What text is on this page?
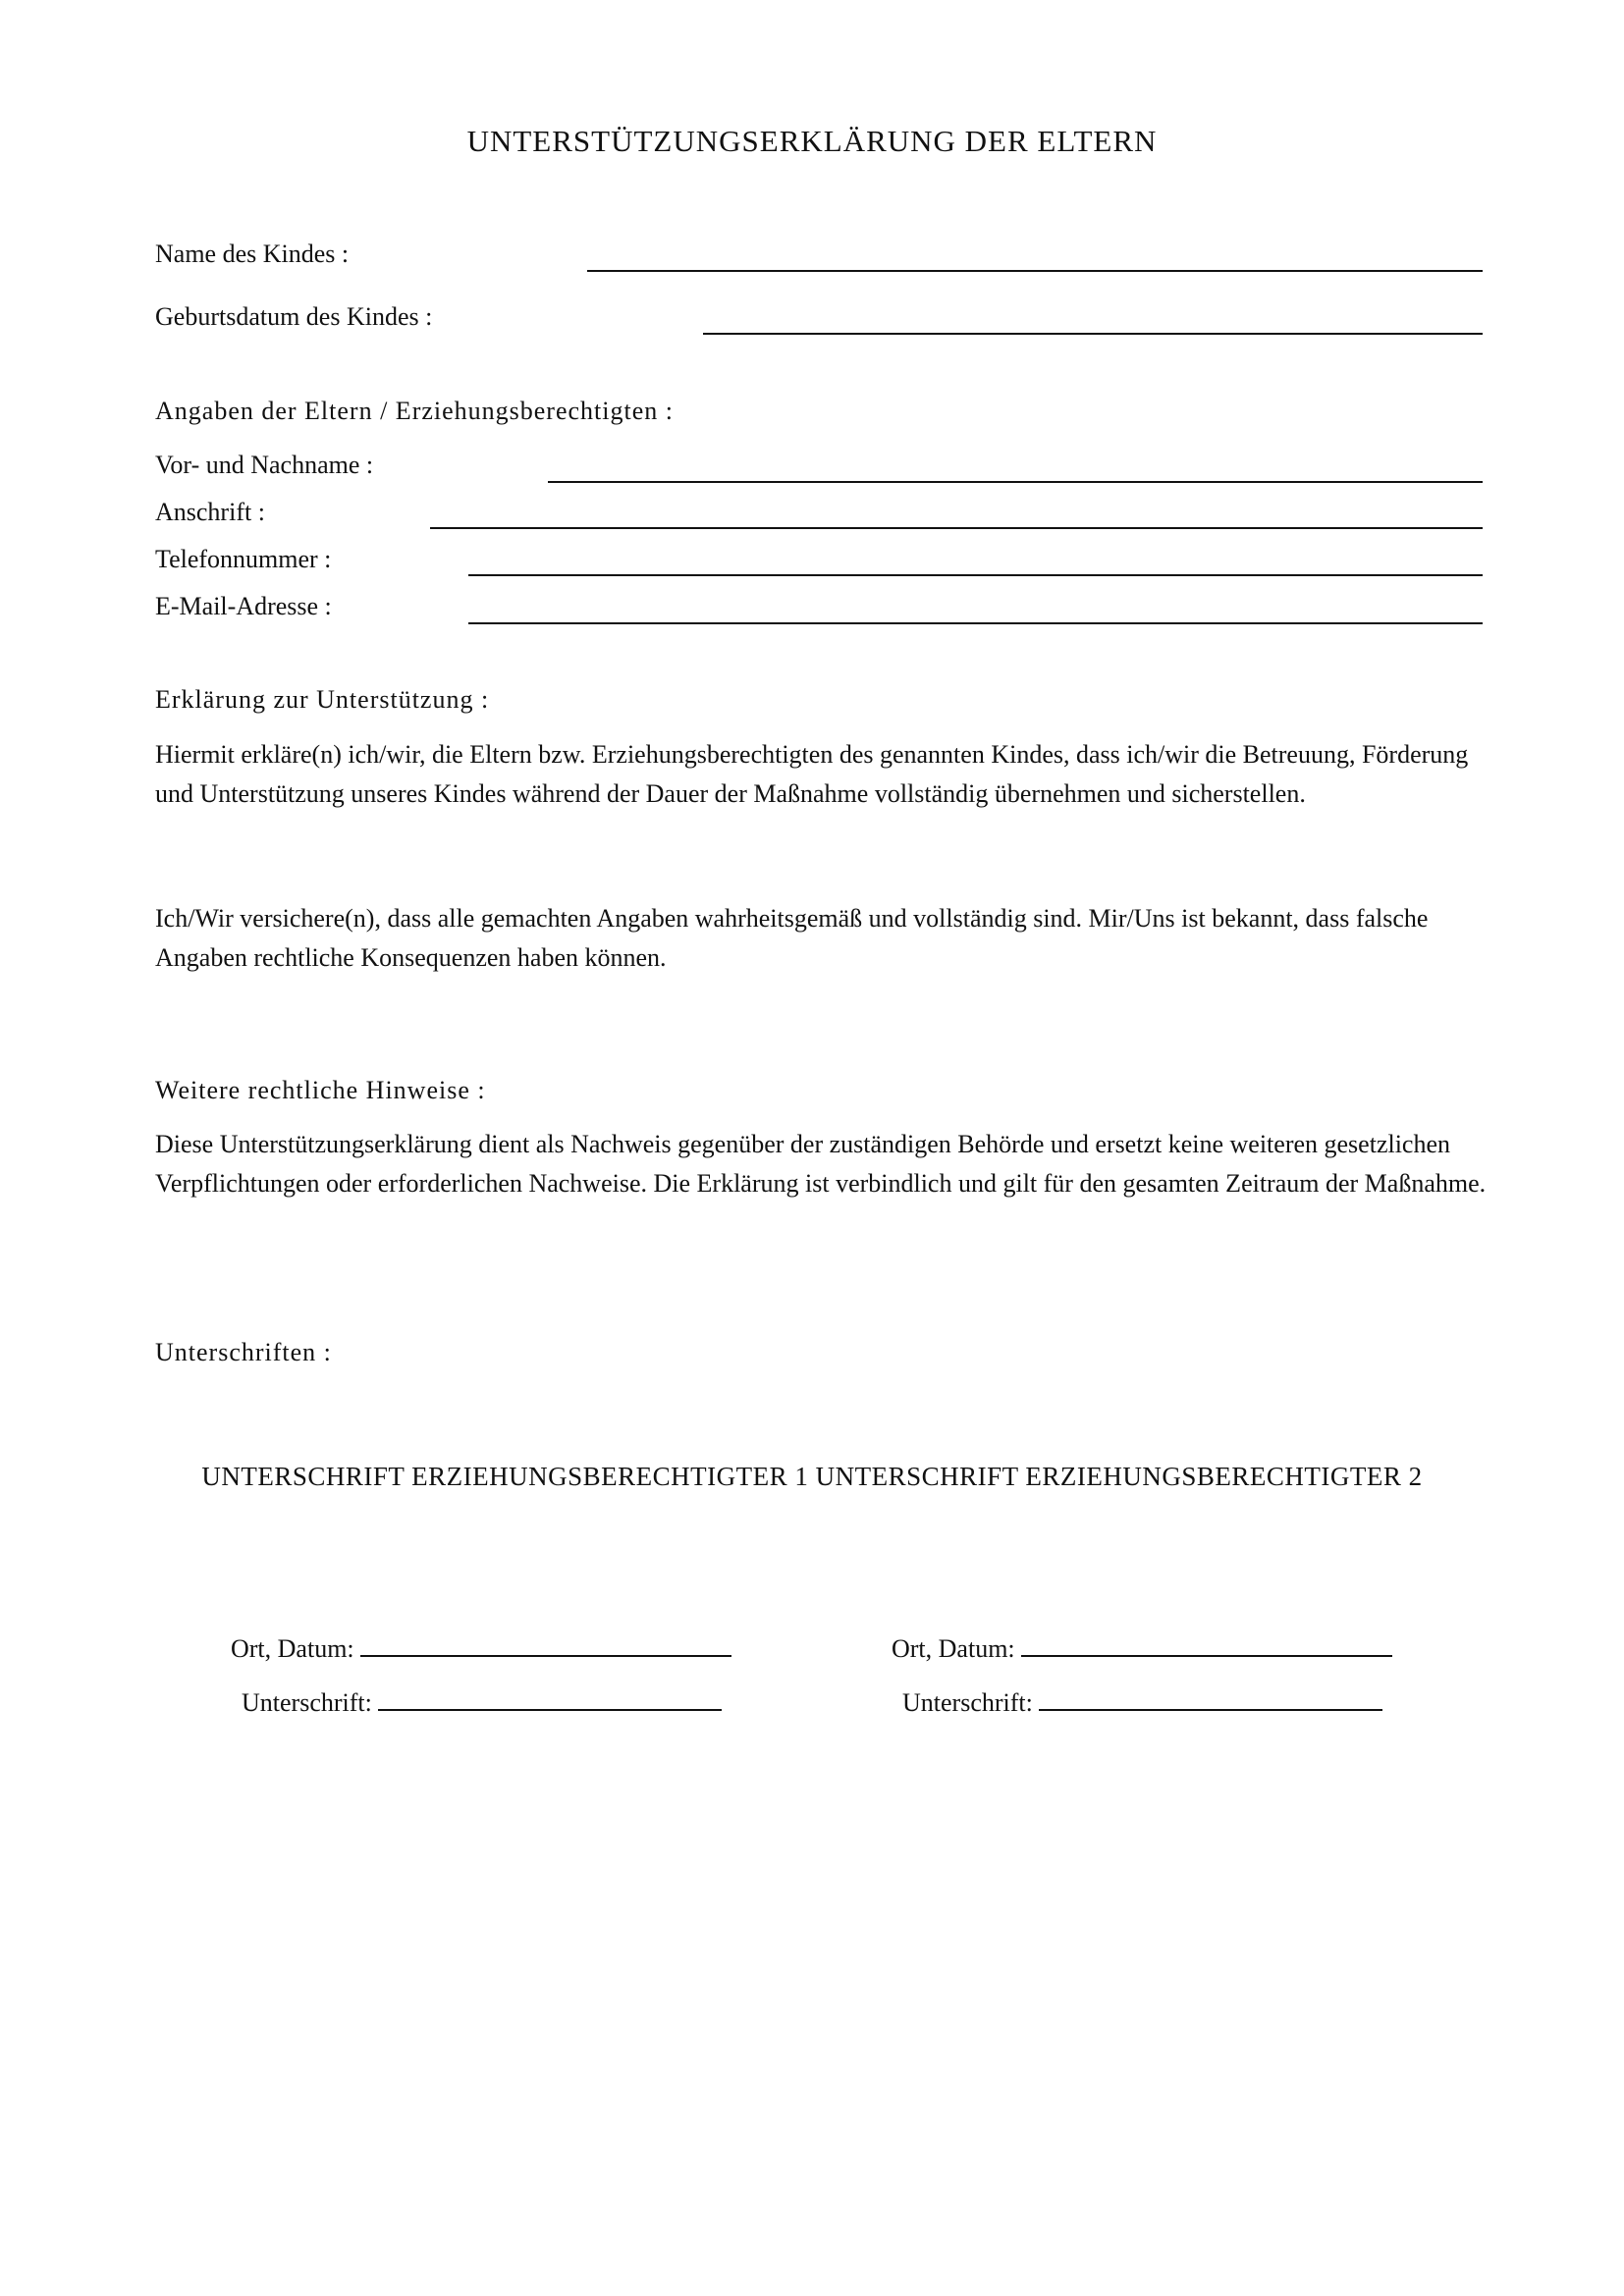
UNTERSTÜTZUNGSERKLÄRUNG DER ELTERN
Name des Kindes :
Geburtsdatum des Kindes :
Angaben der Eltern / Erziehungsberechtigten :
Vor- und Nachname :
Anschrift :
Telefonnummer :
E-Mail-Adresse :
Erklärung zur Unterstützung :

Hiermit erkläre(n) ich/wir, die Eltern bzw. Erziehungsberechtigten des genannten Kindes, dass ich/wir die Betreuung, Förderung und Unterstützung unseres Kindes während der Dauer der Maßnahme vollständig übernehmen und sicherstellen.

Ich/Wir versichere(n), dass alle gemachten Angaben wahrheitsgemäß und vollständig sind. Mir/Uns ist bekannt, dass falsche Angaben rechtliche Konsequenzen haben können.

Weitere rechtliche Hinweise :

Diese Unterstützungserklärung dient als Nachweis gegenüber der zuständigen Behörde und ersetzt keine weiteren gesetzlichen Verpflichtungen oder erforderlichen Nachweise. Die Erklärung ist verbindlich und gilt für den gesamten Zeitraum der Maßnahme.

Unterschriften :
UNTERSCHRIFT ERZIEHUNGSBERECHTIGTER 1 UNTERSCHRIFT ERZIEHUNGSBERECHTIGTER 2
Ort, Datum:
Unterschrift:
Ort, Datum:
Unterschrift:
